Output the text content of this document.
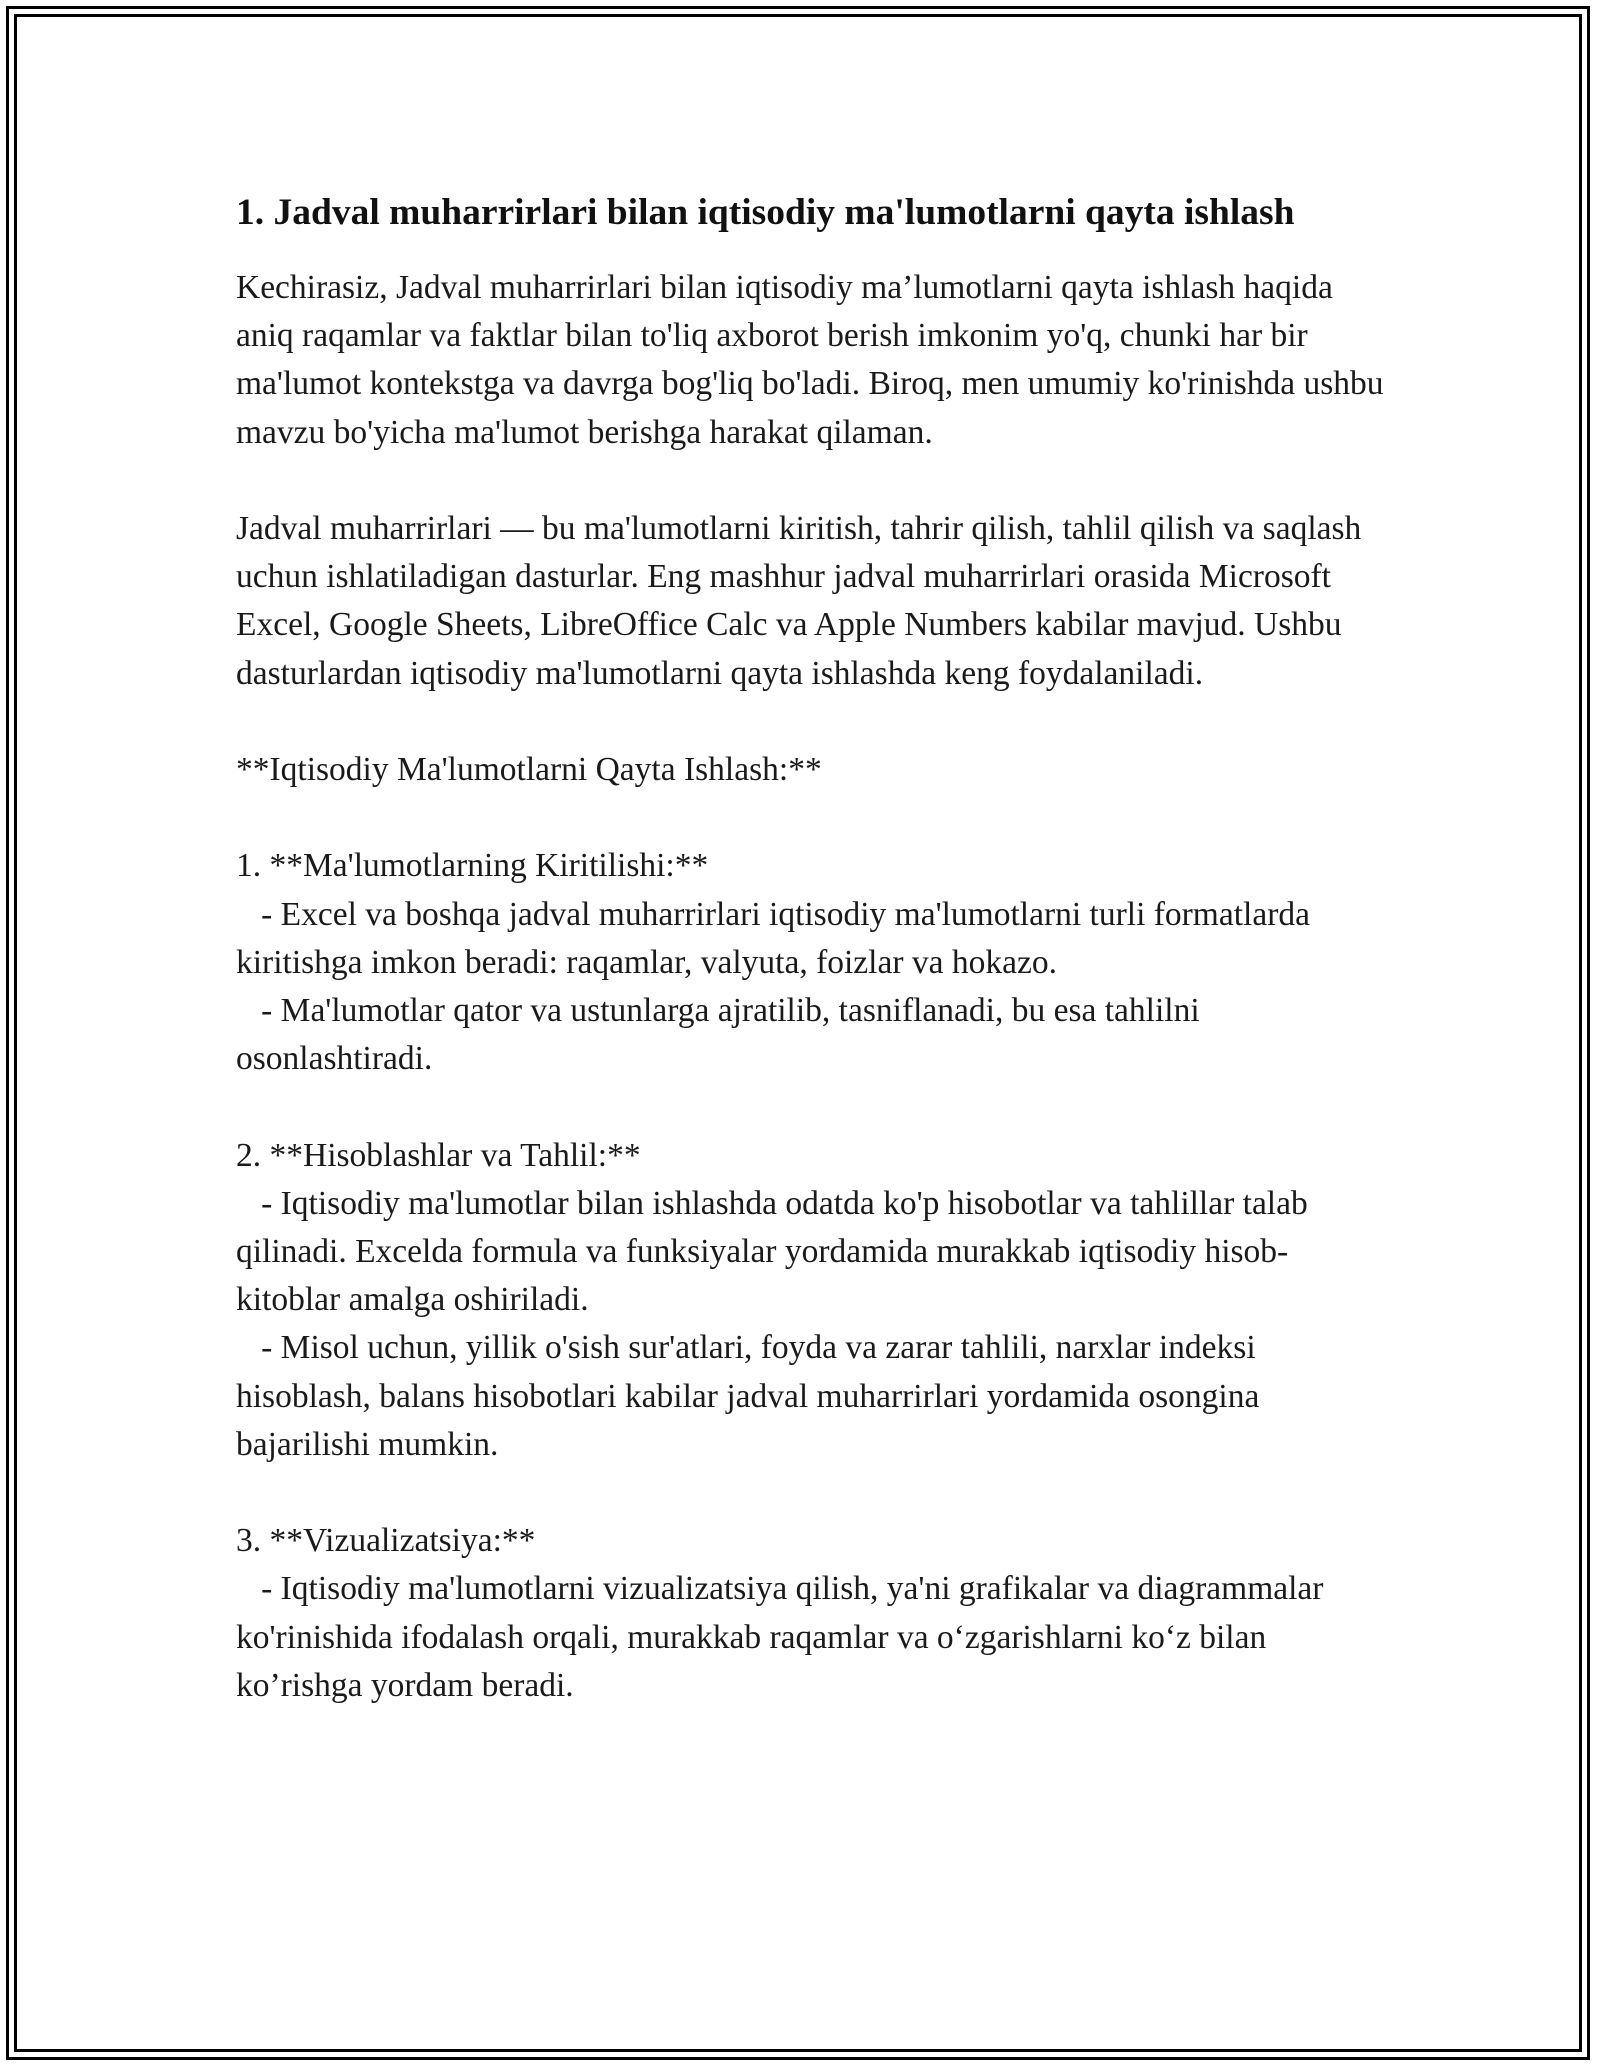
1. Jadval muharrirlari bilan iqtisodiy ma'lumotlarni qayta ishlash

Kechirasiz, Jadval muharrirlari bilan iqtisodiy ma’lumotlarni qayta ishlash haqida aniq raqamlar va faktlar bilan to'liq axborot berish imkonim yo'q, chunki har bir ma'lumot kontekstga va davrga bog'liq bo'ladi. Biroq, men umumiy ko'rinishda ushbu mavzu bo'yicha ma'lumot berishga harakat qilaman.

Jadval muharrirlari — bu ma'lumotlarni kiritish, tahrir qilish, tahlil qilish va saqlash uchun ishlatiladigan dasturlar. Eng mashhur jadval muharrirlari orasida Microsoft Excel, Google Sheets, LibreOffice Calc va Apple Numbers kabilar mavjud. Ushbu dasturlardan iqtisodiy ma'lumotlarni qayta ishlashda keng foydalaniladi.

**Iqtisodiy Ma'lumotlarni Qayta Ishlash:**

1. **Ma'lumotlarning Kiritilishi:**
- Excel va boshqa jadval muharrirlari iqtisodiy ma'lumotlarni turli formatlarda kiritishga imkon beradi: raqamlar, valyuta, foizlar va hokazo.
- Ma'lumotlar qator va ustunlarga ajratilib, tasniflanadi, bu esa tahlilni osonlashtiradi.

2. **Hisoblashlar va Tahlil:**
- Iqtisodiy ma'lumotlar bilan ishlashda odatda ko'p hisobotlar va tahlillar talab qilinadi. Excelda formula va funksiyalar yordamida murakkab iqtisodiy hisob-kitoblar amalga oshiriladi.
- Misol uchun, yillik o'sish sur'atlari, foyda va zarar tahlili, narxlar indeksi hisoblash, balans hisobotlari kabilar jadval muharrirlari yordamida osongina bajarilishi mumkin.

3. **Vizualizatsiya:**
- Iqtisodiy ma'lumotlarni vizualizatsiya qilish, ya'ni grafikalar va diagrammalar ko'rinishida ifodalash orqali, murakkab raqamlar va o‘zgarishlarni ko‘z bilan ko’rishga yordam beradi.
